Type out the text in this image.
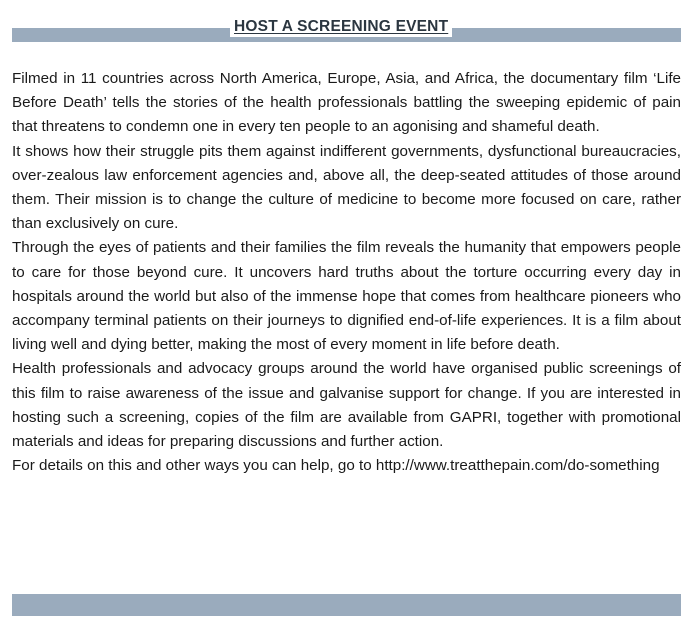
HOST A SCREENING EVENT

Filmed in 11 countries across North America, Europe, Asia, and Africa, the documentary film ‘Life Before Death’ tells the stories of the health professionals battling the sweeping epidemic of pain that threatens to condemn one in every ten people to an agonising and shameful death.

It shows how their struggle pits them against indifferent governments, dysfunctional bureaucracies, over-zealous law enforcement agencies and, above all, the deep-seated attitudes of those around them. Their mission is to change the culture of medicine to become more focused on care, rather than exclusively on cure.

Through the eyes of patients and their families the film reveals the humanity that empowers people to care for those beyond cure. It uncovers hard truths about the torture occurring every day in hospitals around the world but also of the immense hope that comes from healthcare pioneers who accompany terminal patients on their journeys to dignified end-of-life experiences. It is a film about living well and dying better, making the most of every moment in life before death.

Health professionals and advocacy groups around the world have organised public screenings of this film to raise awareness of the issue and galvanise support for change. If you are interested in hosting such a screening, copies of the film are available from GAPRI, together with promotional materials and ideas for preparing discussions and further action.

For details on this and other ways you can help, go to http://www.treatthepain.com/do-something
